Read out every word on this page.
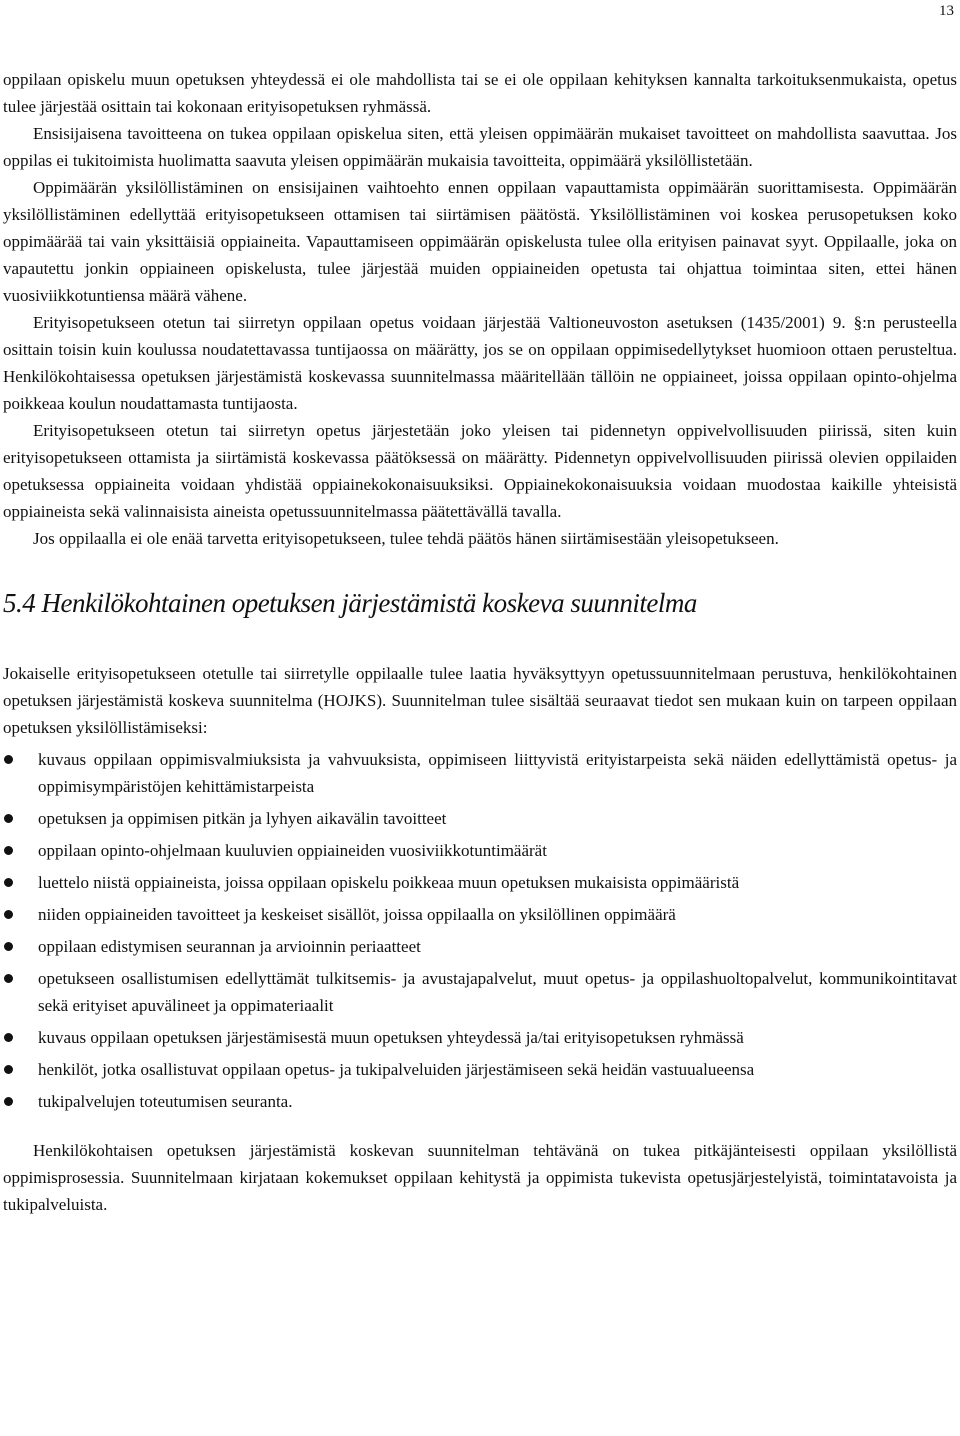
13

oppilaan opiskelu muun opetuksen yhteydessä ei ole mahdollista tai se ei ole oppilaan kehityksen kannalta tarkoituksenmukaista, opetus tulee järjestää osittain tai kokonaan erityisopetuksen ryhmässä.

Ensisijaisena tavoitteena on tukea oppilaan opiskelua siten, että yleisen oppimäärän mukaiset tavoitteet on mahdollista saavuttaa. Jos oppilas ei tukitoimista huolimatta saavuta yleisen oppimäärän mukaisia tavoitteita, oppimäärä yksilöllistetään.

Oppimäärän yksilöllistäminen on ensisijainen vaihtoehto ennen oppilaan vapauttamista oppimäärän suorittamisesta. Oppimäärän yksilöllistäminen edellyttää erityisopetukseen ottamisen tai siirtämisen päätöstä. Yksilöllistäminen voi koskea perusopetuksen koko oppimäärää tai vain yksittäisiä oppiaineita. Vapauttamiseen oppimäärän opiskelusta tulee olla erityisen painavat syyt. Oppilaalle, joka on vapautettu jonkin oppiaineen opiskelusta, tulee järjestää muiden oppiaineiden opetusta tai ohjattua toimintaa siten, ettei hänen vuosiviikkotuntiensa määrä vähene.

Erityisopetukseen otetun tai siirretyn oppilaan opetus voidaan järjestää Valtioneuvoston asetuksen (1435/2001) 9. §:n perusteella osittain toisin kuin koulussa noudatettavassa tuntijaossa on määrätty, jos se on oppilaan oppimisedellytykset huomioon ottaen perusteltua. Henkilökohtaisessa opetuksen järjestämistä koskevassa suunnitelmassa määritellään tällöin ne oppiaineet, joissa oppilaan opinto-ohjelma poikkeaa koulun noudattamasta tuntijaosta.

Erityisopetukseen otetun tai siirretyn opetus järjestetään joko yleisen tai pidennetyn oppivelvollisuuden piirissä, siten kuin erityisopetukseen ottamista ja siirtämistä koskevassa päätöksessä on määrätty. Pidennetyn oppivelvollisuuden piirissä olevien oppilaiden opetuksessa oppiaineita voidaan yhdistää oppiainekokonaisuuksiksi. Oppiainekokonaisuuksia voidaan muodostaa kaikille yhteisistä oppiaineista sekä valinnaisista aineista opetussuunnitelmassa päätettävällä tavalla.

Jos oppilaalla ei ole enää tarvetta erityisopetukseen, tulee tehdä päätös hänen siirtämisestään yleisopetukseen.

5.4 Henkilökohtainen opetuksen järjestämistä koskeva suunnitelma

Jokaiselle erityisopetukseen otetulle tai siirretylle oppilaalle tulee laatia hyväksyttyyn opetussuunnitelmaan perustuva, henkilökohtainen opetuksen järjestämistä koskeva suunnitelma (HOJKS). Suunnitelman tulee sisältää seuraavat tiedot sen mukaan kuin on tarpeen oppilaan opetuksen yksilöllistämiseksi:

kuvaus oppilaan oppimisvalmiuksista ja vahvuuksista, oppimiseen liittyvistä erityistarpeista sekä näiden edellyttämistä opetus- ja oppimisympäristöjen kehittämistarpeista
opetuksen ja oppimisen pitkän ja lyhyen aikavälin tavoitteet
oppilaan opinto-ohjelmaan kuuluvien oppiaineiden vuosiviikkotuntimäärät
luettelo niistä oppiaineista, joissa oppilaan opiskelu poikkeaa muun opetuksen mukaisista oppimääristä
niiden oppiaineiden tavoitteet ja keskeiset sisällöt, joissa oppilaalla on yksilöllinen oppimäärä
oppilaan edistymisen seurannan ja arvioinnin periaatteet
opetukseen osallistumisen edellyttämät tulkitsemis- ja avustajapalvelut, muut opetus- ja oppilashuoltopalvelut, kommunikointitavat sekä erityiset apuvälineet ja oppimateriaalit
kuvaus oppilaan opetuksen järjestämisestä muun opetuksen yhteydessä ja/tai erityisopetuksen ryhmässä
henkilöt, jotka osallistuvat oppilaan opetus- ja tukipalveluiden järjestämiseen sekä heidän vastuualueensa
tukipalvelujen toteutumisen seuranta.

Henkilökohtaisen opetuksen järjestämistä koskevan suunnitelman tehtävänä on tukea pitkäjänteisesti oppilaan yksilöllistä oppimisprosessia. Suunnitelmaan kirjataan kokemukset oppilaan kehitystä ja oppimista tukevista opetusjärjestelyistä, toimintatavoista ja tukipalveluista.
